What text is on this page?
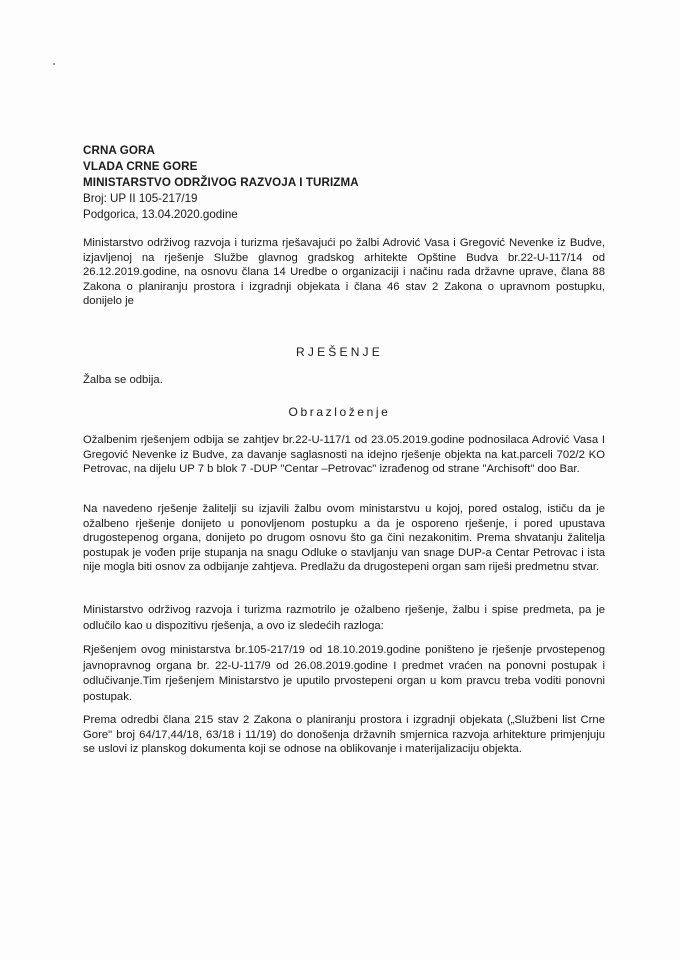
CRNA GORA
VLADA CRNE GORE
MINISTARSTVO ODRŽIVOG RAZVOJA I TURIZMA
Broj: UP II 105-217/19
Podgorica, 13.04.2020.godine
Ministarstvo održivog razvoja i turizma rješavajući po žalbi Adrović Vasa i Gregović Nevenke iz Budve, izjavljenoj na rješenje Službe glavnog gradskog arhitekte Opštine Budva br.22-U-117/14 od 26.12.2019.godine, na osnovu člana 14 Uredbe o organizaciji i načinu rada državne uprave, člana 88 Zakona o planiranju prostora i izgradnji objekata i člana 46 stav 2 Zakona o upravnom postupku, donijelo je
RJEŠENJE
Žalba se odbija.
Obrazloženje
Ožalbenim rješenjem odbija se zahtjev br.22-U-117/1 od 23.05.2019.godine podnosilaca Adrović Vasa I Gregović Nevenke iz Budve, za davanje saglasnosti na idejno rješenje objekta na kat.parceli 702/2 KO Petrovac, na dijelu UP 7 b blok 7 -DUP "Centar –Petrovac" izrađenog od strane "Archisoft" doo Bar.
Na navedeno rješenje žalitelji su izjavili žalbu ovom ministarstvu u kojoj, pored ostalog, ističu da je ožalbeno rješenje donijeto u ponovljenom postupku a da je osporeno rješenje, i pored upustava drugostepenog organa, donijeto po drugom osnovu što ga čini nezakonitim. Prema shvatanju žalitelja postupak je vođen prije stupanja na snagu Odluke o stavljanju van snage DUP-a Centar Petrovac i ista nije mogla biti osnov za odbijanje zahtjeva. Predlažu da drugostepeni organ sam riješi predmetnu stvar.
Ministarstvo održivog razvoja i turizma razmotrilo je ožalbeno rješenje, žalbu i spise predmeta, pa je odlučilo kao u dispozitivu rješenja, a ovo iz sledećih razloga:
Rješenjem ovog ministarstva br.105-217/19 od 18.10.2019.godine poništeno je rješenje prvostepenog javnopravnog organa br. 22-U-117/9 od 26.08.2019.godine I predmet vraćen na ponovni postupak i odlučivanje.Tim rješenjem Ministarstvo je uputilo prvostepeni organ u kom pravcu treba voditi ponovni postupak.
Prema odredbi člana 215 stav 2 Zakona o planiranju prostora i izgradnji objekata („Službeni list Crne Gore" broj 64/17,44/18, 63/18 i 11/19) do donošenja državnih smjernica razvoja arhitekture primjenjuju se uslovi iz planskog dokumenta koji se odnose na oblikovanje i materijalizaciju objekta.
